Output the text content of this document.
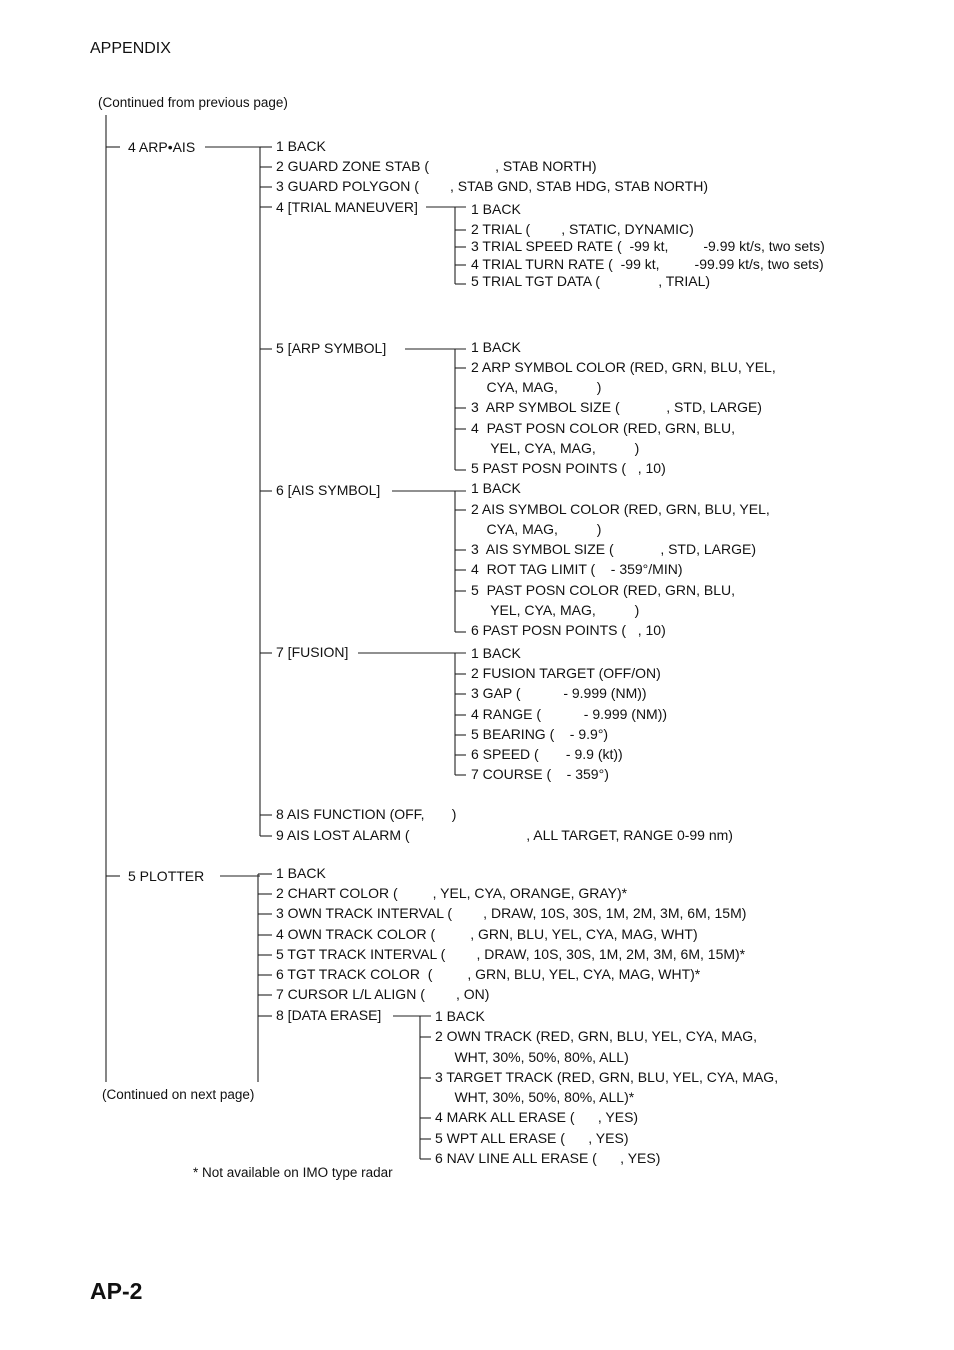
APPENDIX
(Continued from previous page)
4 ARP•AIS
5 PLOTTER
1 BACK
2 GUARD ZONE STAB (                 , STAB NORTH)
3 GUARD POLYGON (        , STAB GND, STAB HDG, STAB NORTH)
4 [TRIAL MANEUVER]
5 [ARP SYMBOL]
6 [AIS SYMBOL]
7 [FUSION]
8 AIS FUNCTION (OFF,       )
9 AIS LOST ALARM (                              , ALL TARGET, RANGE 0-99 nm)
1 BACK
2 TRIAL (        , STATIC, DYNAMIC)
3 TRIAL SPEED RATE (  -99 kt,         -9.99 kt/s, two sets)
4 TRIAL TURN RATE (  -99 kt,         -99.99 kt/s, two sets)
5 TRIAL TGT DATA (               , TRIAL)
1 BACK
2 ARP SYMBOL COLOR (RED, GRN, BLU, YEL,
CYA, MAG,          )
3  ARP SYMBOL SIZE (            , STD, LARGE)
4  PAST POSN COLOR (RED, GRN, BLU,
YEL, CYA, MAG,          )
5 PAST POSN POINTS (   , 10)
1 BACK
2 AIS SYMBOL COLOR (RED, GRN, BLU, YEL,
CYA, MAG,          )
3  AIS SYMBOL SIZE (            , STD, LARGE)
4  ROT TAG LIMIT (    - 359°/MIN)
5  PAST POSN COLOR (RED, GRN, BLU,
YEL, CYA, MAG,          )
6 PAST POSN POINTS (   , 10)
1 BACK
2 FUSION TARGET (OFF/ON)
3 GAP (           - 9.999 (NM))
4 RANGE (           - 9.999 (NM))
5 BEARING (    - 9.9°)
6 SPEED (       - 9.9 (kt))
7 COURSE (    - 359°)
1 BACK
2 CHART COLOR (         , YEL, CYA, ORANGE, GRAY)*
3 OWN TRACK INTERVAL (        , DRAW, 10S, 30S, 1M, 2M, 3M, 6M, 15M)
4 OWN TRACK COLOR (         , GRN, BLU, YEL, CYA, MAG, WHT)
5 TGT TRACK INTERVAL (        , DRAW, 10S, 30S, 1M, 2M, 3M, 6M, 15M)*
6 TGT TRACK COLOR  (         , GRN, BLU, YEL, CYA, MAG, WHT)*
7 CURSOR L/L ALIGN (        , ON)
8 [DATA ERASE]	1 BACK
2 OWN TRACK (RED, GRN, BLU, YEL, CYA, MAG,
WHT, 30%, 50%, 80%, ALL)
3 TARGET TRACK (RED, GRN, BLU, YEL, CYA, MAG,
WHT, 30%, 50%, 80%, ALL)*
4 MARK ALL ERASE (      , YES)
5 WPT ALL ERASE (      , YES)
6 NAV LINE ALL ERASE (      , YES)
(Continued on next page)
* Not available on IMO type radar
AP-2
